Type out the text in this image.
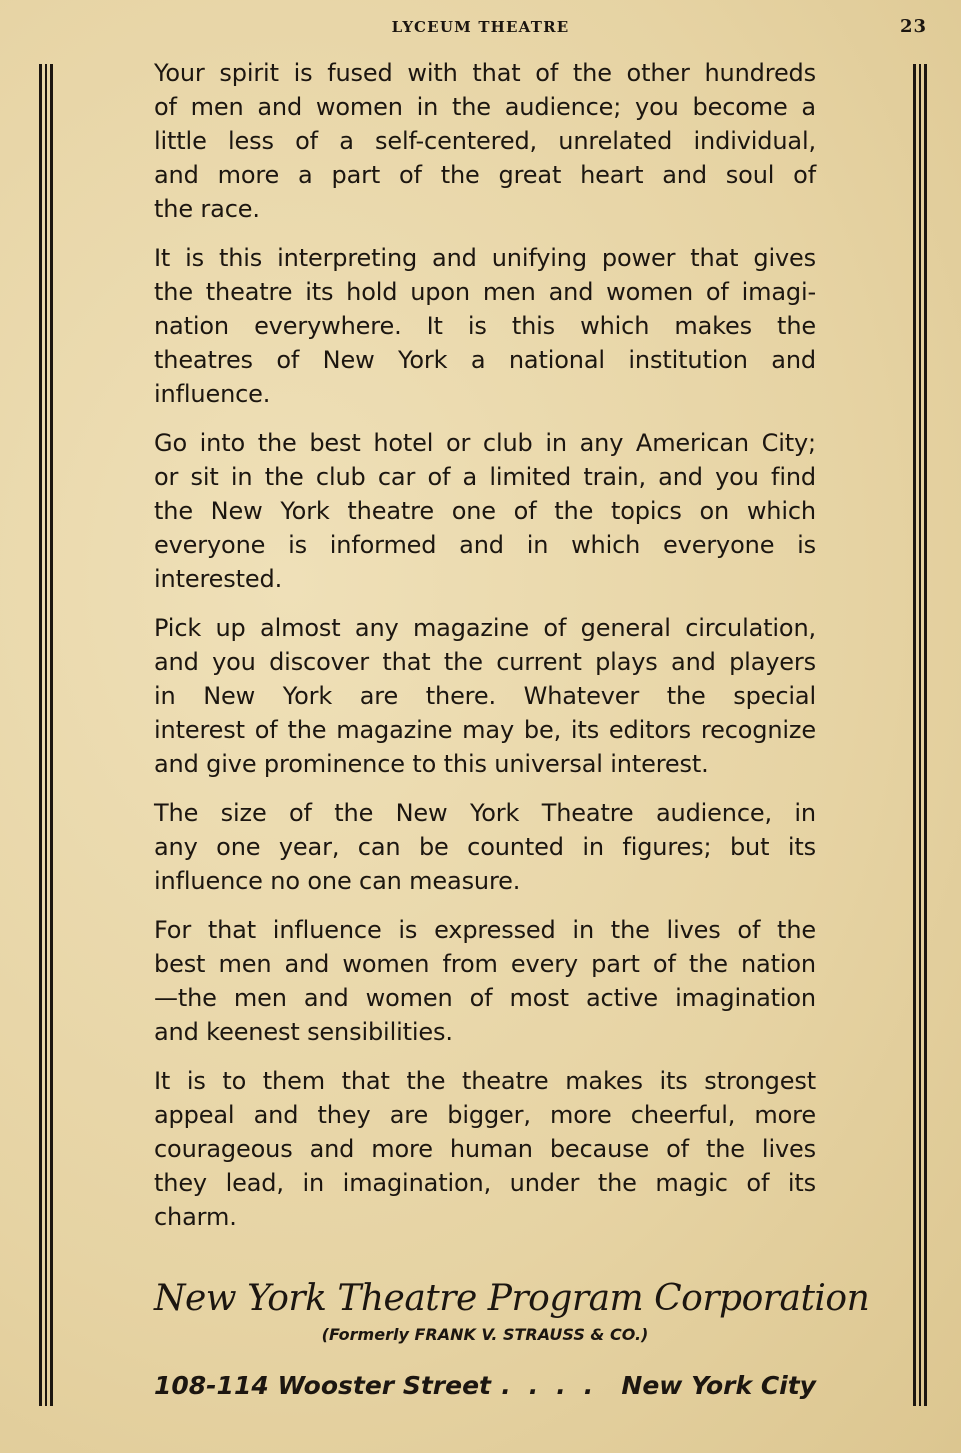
LYCEUM THEATRE	23
Your spirit is fused with that of the other hundreds
of men and women in the audience; you become a
little less of a self-centered, unrelated individual,
and more a part of the great heart and soul of
the race.
It is this interpreting and unifying power that gives
the theatre its hold upon men and women of imagi-
nation everywhere. It is this which makes the
theatres of New York a national institution and
influence.
Go into the best hotel or club in any American City;
or sit in the club car of a limited train, and you find
the New York theatre one of the topics on which
everyone is informed and in which everyone is
interested.
Pick up almost any magazine of general circulation,
and you discover that the current plays and players
in New York are there. Whatever the special
interest of the magazine may be, its editors recognize
and give prominence to this universal interest.
The size of the New York Theatre audience, in
any one year, can be counted in figures; but its
influence no one can measure.
For that influence is expressed in the lives of the
best men and women from every part of the nation
—the men and women of most active imagination
and keenest sensibilities.
It is to them that the theatre makes its strongest
appeal and they are bigger, more cheerful, more
courageous and more human because of the lives
they lead, in imagination, under the magic of its
charm.
New York Theatre Program Corporation
(Formerly FRANK V. STRAUSS & CO.)
108-114 Wooster Street .... New York City
